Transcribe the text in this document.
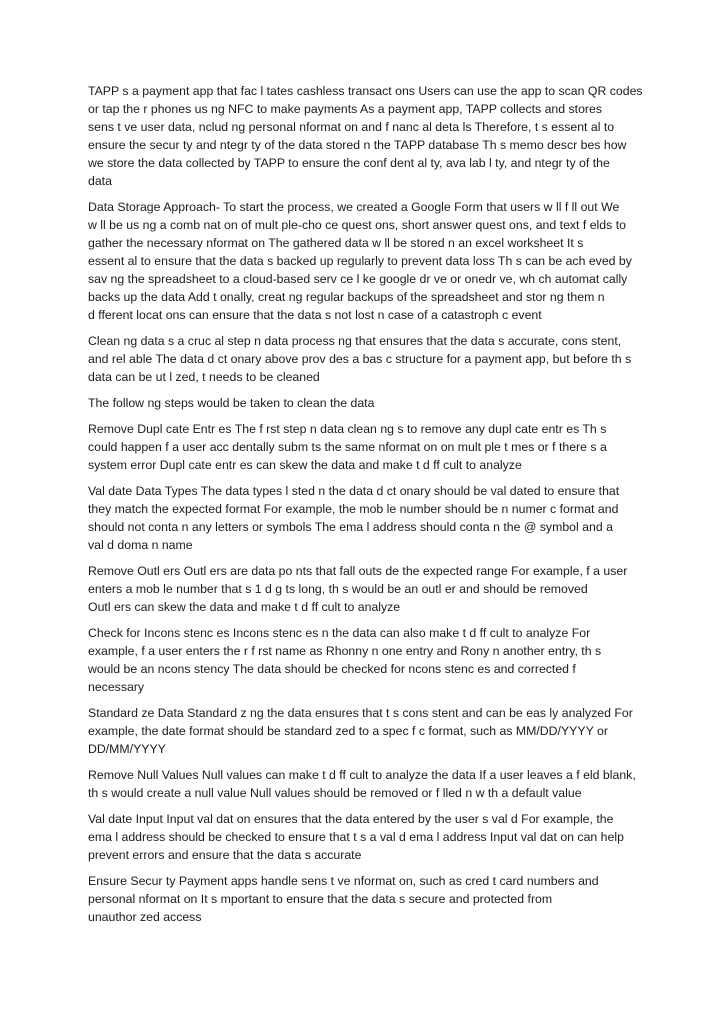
TAPP s a payment app that fac l tates cashless transact ons Users can use the app to scan QR codes
or tap the r phones us ng NFC to make payments As a payment app, TAPP collects and stores
sens t ve user data, nclud ng personal nformat on and f nanc al deta ls Therefore, t s essent al to
ensure the secur ty and ntegr ty of the data stored n the TAPP database Th s memo descr bes how
we store the data collected by TAPP to ensure the conf dent al ty, ava lab l ty, and ntegr ty of the
data

Data Storage Approach- To start the process, we created a Google Form that users w ll f ll out We
w ll be us ng a comb nat on of mult ple-cho ce quest ons, short answer quest ons, and text f elds to
gather the necessary nformat on The gathered data w ll be stored n an excel worksheet It s
essent al to ensure that the data s backed up regularly to prevent data loss Th s can be ach eved by
sav ng the spreadsheet to a cloud-based serv ce l ke google dr ve or onedr ve, wh ch automat cally
backs up the data Add t onally, creat ng regular backups of the spreadsheet and stor ng them n
d fferent locat ons can ensure that the data s not lost n case of a catastroph c event

Clean ng data s a cruc al step n data process ng that ensures that the data s accurate, cons stent,
and rel able The data d ct onary above prov des a bas c structure for a payment app, but before th s
data can be ut l zed, t needs to be cleaned

The follow ng steps would be taken to clean the data

Remove Dupl cate Entr es The f rst step n data clean ng s to remove any dupl cate entr es Th s
could happen f a user acc dentally subm ts the same nformat on on mult ple t mes or f there s a
system error Dupl cate entr es can skew the data and make t d ff cult to analyze

Val date Data Types The data types l sted n the data d ct onary should be val dated to ensure that
they match the expected format For example, the mob le number should be n numer c format and
should not conta n any letters or symbols The ema l address should conta n the @ symbol and a
val d doma n name

Remove Outl ers Outl ers are data po nts that fall outs de the expected range For example, f a user
enters a mob le number that s 1 d g ts long, th s would be an outl er and should be removed
Outl ers can skew the data and make t d ff cult to analyze

Check for Incons stenc es Incons stenc es n the data can also make t d ff cult to analyze For
example, f a user enters the r f rst name as Rhonny n one entry and Rony n another entry, th s
would be an ncons stency The data should be checked for ncons stenc es and corrected f
necessary

Standard ze Data Standard z ng the data ensures that t s cons stent and can be eas ly analyzed For
example, the date format should be standard zed to a spec f c format, such as MM/DD/YYYY or
DD/MM/YYYY

Remove Null Values Null values can make t d ff cult to analyze the data If a user leaves a f eld blank,
th s would create a null value Null values should be removed or f lled n w th a default value

Val date Input Input val dat on ensures that the data entered by the user s val d For example, the
ema l address should be checked to ensure that t s a val d ema l address Input val dat on can help
prevent errors and ensure that the data s accurate

Ensure Secur ty Payment apps handle sens t ve nformat on, such as cred t card numbers and
personal nformat on It s mportant to ensure that the data s secure and protected from
unauthor zed access
